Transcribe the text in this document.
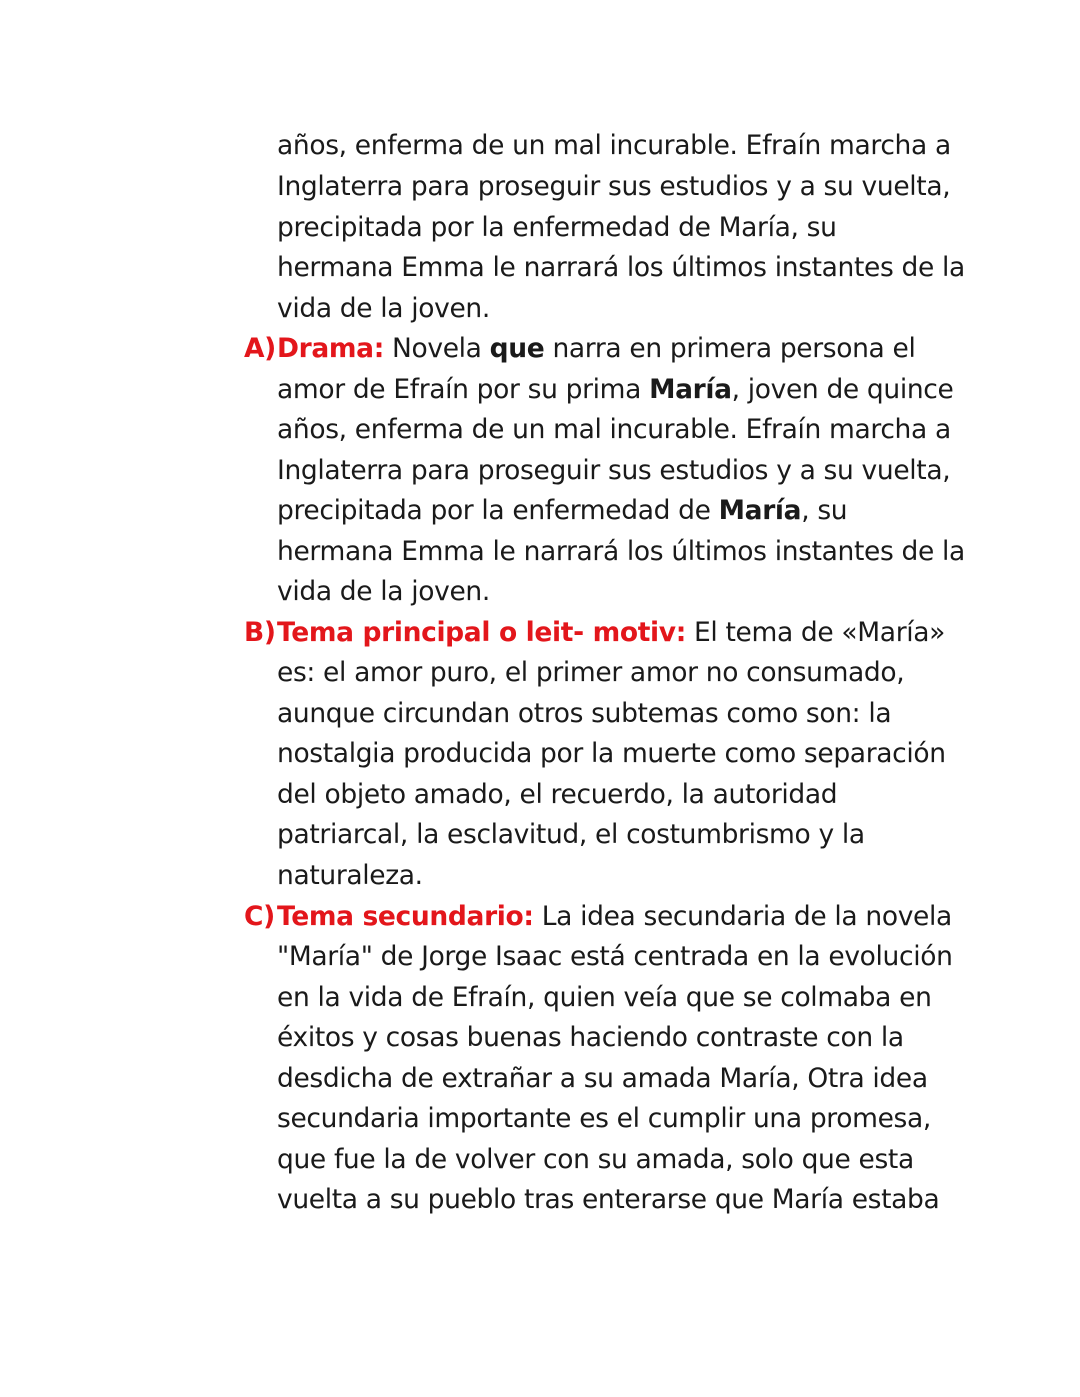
años, enferma de un mal incurable. Efraín marcha a
Inglaterra para proseguir sus estudios y a su vuelta,
precipitada por la enfermedad de María, su
hermana Emma le narrará los últimos instantes de la
vida de la joven.
A)Drama: Novela que narra en primera persona el
amor de Efraín por su prima María, joven de quince
años, enferma de un mal incurable. Efraín marcha a
Inglaterra para proseguir sus estudios y a su vuelta,
precipitada por la enfermedad de María, su
hermana Emma le narrará los últimos instantes de la
vida de la joven.
B)Tema principal o leit- motiv: El tema de «María»
es: el amor puro, el primer amor no consumado,
aunque circundan otros subtemas como son: la
nostalgia producida por la muerte como separación
del objeto amado, el recuerdo, la autoridad
patriarcal, la esclavitud, el costumbrismo y la
naturaleza.
C)Tema secundario: La idea secundaria de la novela
"María" de Jorge Isaac está centrada en la evolución
en la vida de Efraín, quien veía que se colmaba en
éxitos y cosas buenas haciendo contraste con la
desdicha de extrañar a su amada María, Otra idea
secundaria importante es el cumplir una promesa,
que fue la de volver con su amada, solo que esta
vuelta a su pueblo tras enterarse que María estaba
